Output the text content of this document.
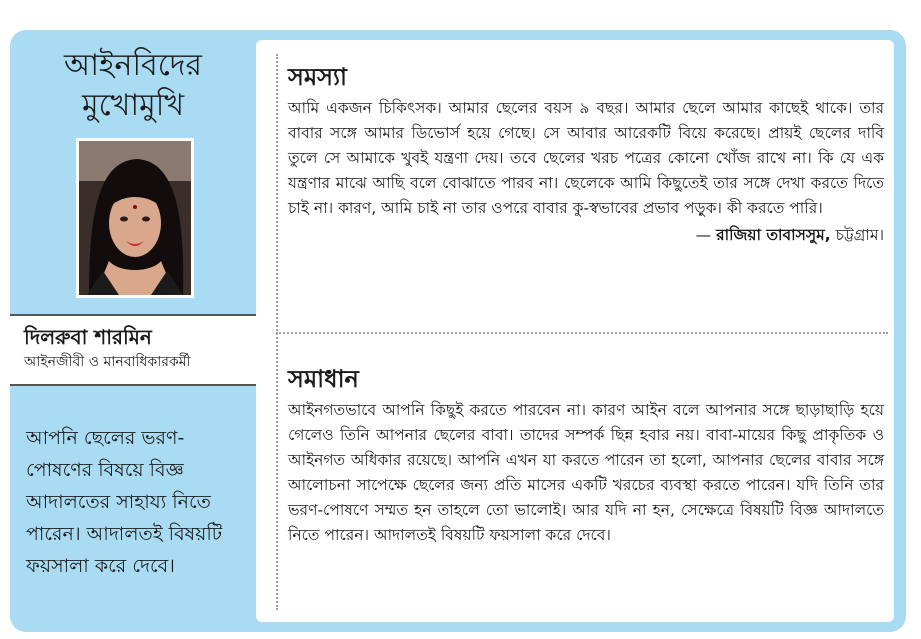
আইনবিদের
মুখোমুখি
দিলরুবা শারমিন
আইনজীবী ও মানবাধিকারকর্মী
আপনি ছেলের ভরণ-পোষণের বিষয়ে বিজ্ঞ আদালতের সাহায্য নিতে পারেন। আদালতই বিষয়টি ফয়সালা করে দেবে।
সমস্যা

আমি একজন চিকিৎসক। আমার ছেলের বয়স ৯ বছর। আমার ছেলে আমার কাছেই থাকে। তার বাবার সঙ্গে আমার ডিভোর্স হয়ে গেছে। সে আবার আরেকটি বিয়ে করেছে। প্রায়ই ছেলের দাবি তুলে সে আমাকে খুবই যন্ত্রণা দেয়। তবে ছেলের খরচ পত্রের কোনো খোঁজ রাখে না। কি যে এক যন্ত্রণার মাঝে আছি বলে বোঝাতে পারব না। ছেলেকে আমি কিছুতেই তার সঙ্গে দেখা করতে দিতে চাই না। কারণ, আমি চাই না তার ওপরে বাবার কু-স্বভাবের প্রভাব পড়ুক। কী করতে পারি।

— রাজিয়া তাবাসসুম, চট্টগ্রাম।
সমাধান

আইনগতভাবে আপনি কিছুই করতে পারবেন না। কারণ আইন বলে আপনার সঙ্গে ছাড়াছাড়ি হয়ে গেলেও তিনি আপনার ছেলের বাবা। তাদের সম্পর্ক ছিন্ন হবার নয়। বাবা-মায়ের কিছু প্রাকৃতিক ও আইনগত অধিকার রয়েছে। আপনি এখন যা করতে পারেন তা হলো, আপনার ছেলের বাবার সঙ্গে আলোচনা সাপেক্ষে ছেলের জন্য প্রতি মাসের একটি খরচের ব্যবস্থা করতে পারেন। যদি তিনি তার ভরণ-পোষণে সম্মত হন তাহলে তো ভালোই। আর যদি না হন, সেক্ষেত্রে বিষয়টি বিজ্ঞ আদালতে নিতে পারেন। আদালতই বিষয়টি ফয়সালা করে দেবে।
